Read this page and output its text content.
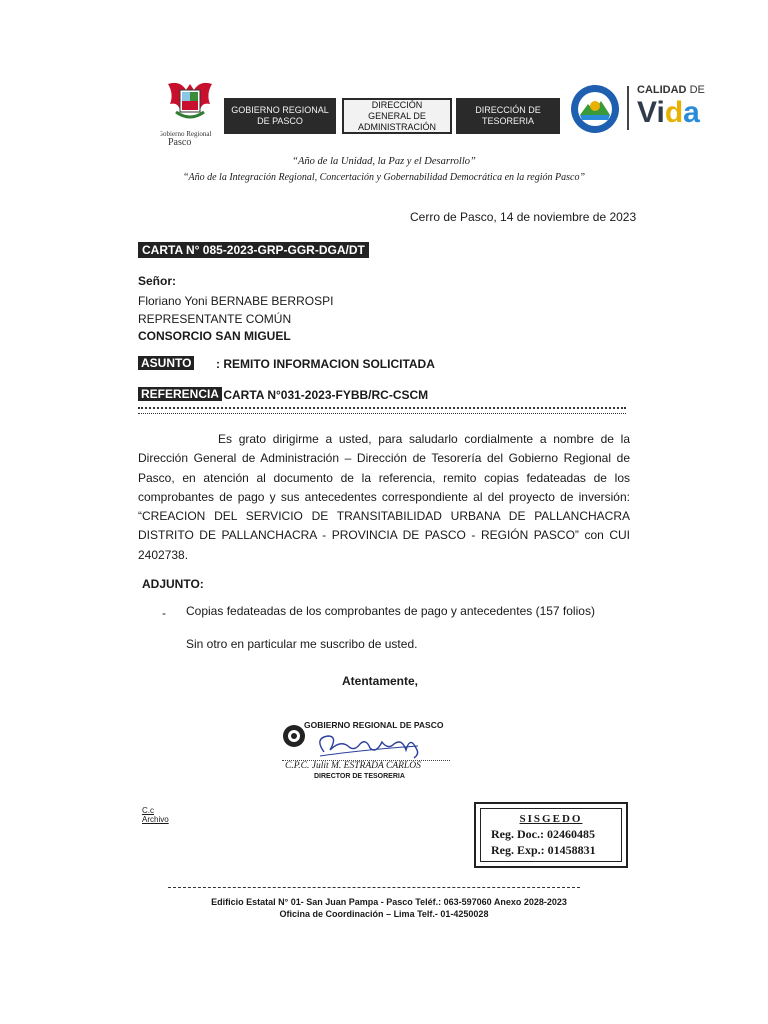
Gobierno Regional
Pasco
GOBIERNO REGIONAL DE PASCO
DIRECCIÓN GENERAL DE ADMINISTRACIÓN
DIRECCIÓN DE TESORERIA
CALIDAD DE
Vida
“Año de la Unidad, la Paz y el Desarrollo”
“Año de la Integración Regional, Concertación y Gobernabilidad Democrática en la región Pasco”
Cerro de Pasco, 14 de noviembre de 2023
CARTA N° 085-2023-GRP-GGR-DGA/DT
Señor:
Floriano Yoni BERNABE BERROSPI
REPRESENTANTE COMÚN
CONSORCIO SAN MIGUEL
ASUNTO : REMITO INFORMACION SOLICITADA
REFERENCIA
: CARTA N°031-2023-FYBB/RC-CSCM
Es grato dirigirme a usted, para saludarlo cordialmente a nombre de la Dirección General de Administración – Dirección de Tesorería del Gobierno Regional de Pasco, en atención al documento de la referencia, remito copias fedateadas de los comprobantes de pago y sus antecedentes correspondiente al del proyecto de inversión: “CREACION DEL SERVICIO DE TRANSITABILIDAD URBANA DE PALLANCHACRA DISTRITO DE PALLANCHACRA - PROVINCIA DE PASCO - REGIÓN PASCO” con CUI 2402738.
ADJUNTO:
- Copias fedateadas de los comprobantes de pago y antecedentes (157 folios)
Sin otro en particular me suscribo de usted.
Atentamente,
GOBIERNO REGIONAL DE PASCO
C.P.C. Julit M. ESTRADA CARLOS
DIRECTOR DE TESORERIA
C.c
Archivo	SISGEDO
Reg. Doc.: 02460485
Reg. Exp.: 01458831
Edificio Estatal N° 01- San Juan Pampa - Pasco Teléf.: 063-597060 Anexo 2028-2023
Oficina de Coordinación – Lima Telf.- 01-4250028
